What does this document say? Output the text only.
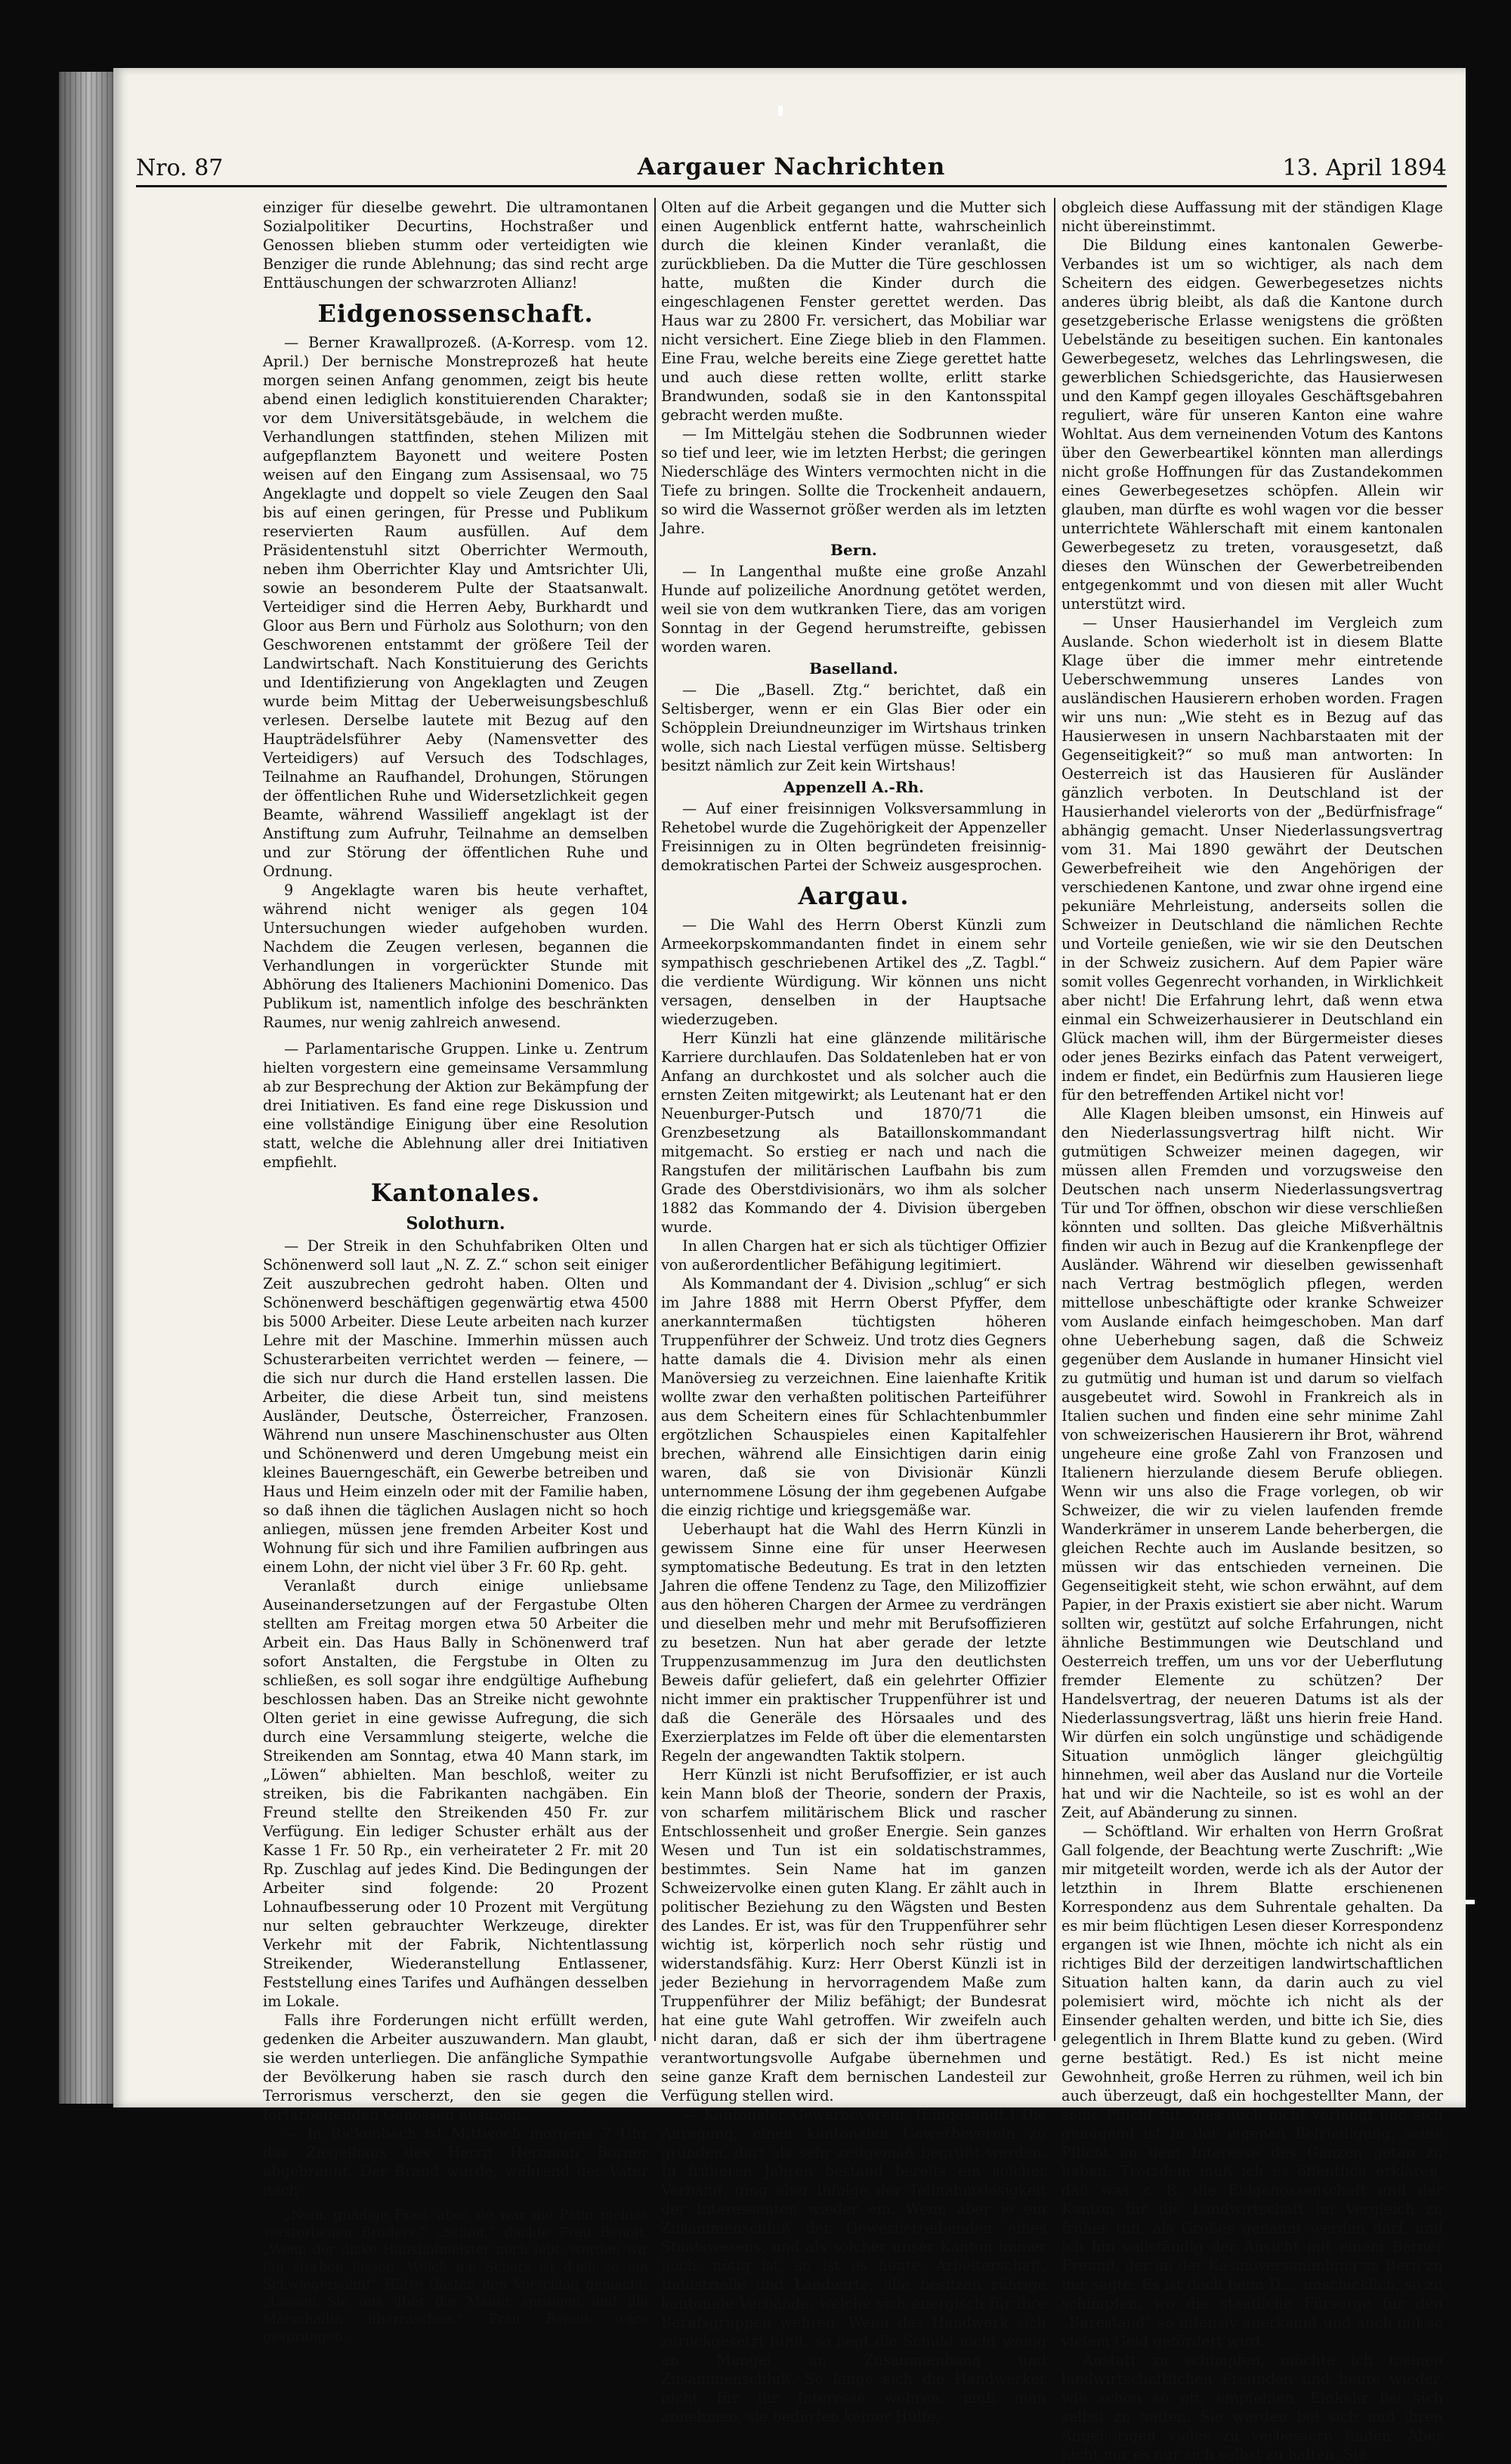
Nro. 87	Aargauer Nachrichten	13. April 1894

einziger für dieselbe gewehrt. Die ultramontanen Sozialpolitiker Decurtins, Hochstraßer und Genossen blieben stumm oder verteidigten wie Benziger die runde Ablehnung; das sind recht arge Enttäuschungen der schwarzroten Allianz!

Eidgenossenschaft.

— Berner Krawallprozeß. (A-Korresp. vom 12. April.) Der bernische Monstreprozeß hat heute morgen seinen Anfang genommen, zeigt bis heute abend einen lediglich konstituierenden Charakter; vor dem Universitätsgebäude, in welchem die Verhandlungen stattfinden, stehen Milizen mit aufgepflanztem Bayonett und weitere Posten weisen auf den Eingang zum Assisensaal, wo 75 Angeklagte und doppelt so viele Zeugen den Saal bis auf einen geringen, für Presse und Publikum reservierten Raum ausfüllen. Auf dem Präsidentenstuhl sitzt Oberrichter Wermouth, neben ihm Oberrichter Klay und Amtsrichter Uli, sowie an besonderem Pulte der Staatsanwalt. Verteidiger sind die Herren Aeby, Burkhardt und Gloor aus Bern und Fürholz aus Solothurn; von den Geschworenen entstammt der größere Teil der Landwirtschaft. Nach Konstituierung des Gerichts und Identifizierung von Angeklagten und Zeugen wurde beim Mittag der Ueberweisungsbeschluß verlesen. Derselbe lautete mit Bezug auf den Haupträdelsführer Aeby (Namensvetter des Verteidigers) auf Versuch des Todschlages, Teilnahme an Raufhandel, Drohungen, Störungen der öffentlichen Ruhe und Widersetzlichkeit gegen Beamte, während Wassilieff angeklagt ist der Anstiftung zum Aufruhr, Teilnahme an demselben und zur Störung der öffentlichen Ruhe und Ordnung.

9 Angeklagte waren bis heute verhaftet, während nicht weniger als gegen 104 Untersuchungen wieder aufgehoben wurden. Nachdem die Zeugen verlesen, begannen die Verhandlungen in vorgerückter Stunde mit Abhörung des Italieners Machionini Domenico. Das Publikum ist, namentlich infolge des beschränkten Raumes, nur wenig zahlreich anwesend.

— Parlamentarische Gruppen. Linke u. Zentrum hielten vorgestern eine gemeinsame Versammlung ab zur Besprechung der Aktion zur Bekämpfung der drei Initiativen. Es fand eine rege Diskussion und eine vollständige Einigung über eine Resolution statt, welche die Ablehnung aller drei Initiativen empfiehlt.

Kantonales.
Solothurn.

— Der Streik in den Schuhfabriken Olten und Schönenwerd soll laut „N. Z. Z.“ schon seit einiger Zeit auszubrechen gedroht haben. Olten und Schönenwerd beschäftigen gegenwärtig etwa 4500 bis 5000 Arbeiter. Diese Leute arbeiten nach kurzer Lehre mit der Maschine. Immerhin müssen auch Schusterarbeiten verrichtet werden — feinere, — die sich nur durch die Hand erstellen lassen. Die Arbeiter, die diese Arbeit tun, sind meistens Ausländer, Deutsche, Österreicher, Franzosen. Während nun unsere Maschinenschuster aus Olten und Schönenwerd und deren Umgebung meist ein kleines Bauerngeschäft, ein Gewerbe betreiben und Haus und Heim einzeln oder mit der Familie haben, so daß ihnen die täglichen Auslagen nicht so hoch anliegen, müssen jene fremden Arbeiter Kost und Wohnung für sich und ihre Familien aufbringen aus einem Lohn, der nicht viel über 3 Fr. 60 Rp. geht.

Veranlaßt durch einige unliebsame Auseinandersetzungen auf der Fergastube Olten stellten am Freitag morgen etwa 50 Arbeiter die Arbeit ein. Das Haus Bally in Schönenwerd traf sofort Anstalten, die Fergstube in Olten zu schließen, es soll sogar ihre endgültige Aufhebung beschlossen haben. Das an Streike nicht gewohnte Olten geriet in eine gewisse Aufregung, die sich durch eine Versammlung steigerte, welche die Streikenden am Sonntag, etwa 40 Mann stark, im „Löwen“ abhielten. Man beschloß, weiter zu streiken, bis die Fabrikanten nachgäben. Ein Freund stellte den Streikenden 450 Fr. zur Verfügung. Ein lediger Schuster erhält aus der Kasse 1 Fr. 50 Rp., ein verheirateter 2 Fr. mit 20 Rp. Zuschlag auf jedes Kind. Die Bedingungen der Arbeiter sind folgende: 20 Prozent Lohnaufbesserung oder 10 Prozent mit Vergütung nur selten gebrauchter Werkzeuge, direkter Verkehr mit der Fabrik, Nichtentlassung Streikender, Wiederanstellung Entlassener, Feststellung eines Tarifes und Aufhängen desselben im Lokale.

Falls ihre Forderungen nicht erfüllt werden, gedenken die Arbeiter auszuwandern. Man glaubt, sie werden unterliegen. Die anfängliche Sympathie der Bevölkerung haben sie rasch durch den Terrorismus verscherzt, den sie gegen die fortarbeitenden Genossen ausüben.

— In Rickenbach ist Mittwoch morgens 7 Uhr das Ziegelhaus des Herrn Hermann Borner abgebrannt. Der Brand wurde, während der Vater nach

„Nein, gnädige Frau, aber sie war die Patin meines verstorbenen Bruders.“ „Schön,“ dachte Frau Benoit. „Wenn der dicke Haushofmeister noch lebt, werden wir ihn sterben lassen. Welch ein Schatz ist doch so ein Schwiegersohn!“ Hätte Gaston den Vorschlag gemacht: „Lassen Sie uns über die Mauer springen und die Marschallin überraschen,“ Frau Benoit wäre gesprungen.

Olten auf die Arbeit gegangen und die Mutter sich einen Augenblick entfernt hatte, wahrscheinlich durch die kleinen Kinder veranlaßt, die zurückblieben. Da die Mutter die Türe geschlossen hatte, mußten die Kinder durch die eingeschlagenen Fenster gerettet werden. Das Haus war zu 2800 Fr. versichert, das Mobiliar war nicht versichert. Eine Ziege blieb in den Flammen. Eine Frau, welche bereits eine Ziege gerettet hatte und auch diese retten wollte, erlitt starke Brandwunden, sodaß sie in den Kantonsspital gebracht werden mußte.

— Im Mittelgäu stehen die Sodbrunnen wieder so tief und leer, wie im letzten Herbst; die geringen Niederschläge des Winters vermochten nicht in die Tiefe zu bringen. Sollte die Trockenheit andauern, so wird die Wassernot größer werden als im letzten Jahre.

Bern.

— In Langenthal mußte eine große Anzahl Hunde auf polizeiliche Anordnung getötet werden, weil sie von dem wutkranken Tiere, das am vorigen Sonntag in der Gegend herumstreifte, gebissen worden waren.

Baselland.

— Die „Basell. Ztg.“ berichtet, daß ein Seltisberger, wenn er ein Glas Bier oder ein Schöpplein Dreiundneunziger im Wirtshaus trinken wolle, sich nach Liestal verfügen müsse. Seltisberg besitzt nämlich zur Zeit kein Wirtshaus!

Appenzell A.-Rh.

— Auf einer freisinnigen Volksversammlung in Rehetobel wurde die Zugehörigkeit der Appenzeller Freisinnigen zu in Olten begründeten freisinnig-demokratischen Partei der Schweiz ausgesprochen.

Aargau.

— Die Wahl des Herrn Oberst Künzli zum Armeekorpskommandanten findet in einem sehr sympathisch geschriebenen Artikel des „Z. Tagbl.“ die verdiente Würdigung. Wir können uns nicht versagen, denselben in der Hauptsache wiederzugeben.

Herr Künzli hat eine glänzende militärische Karriere durchlaufen. Das Soldatenleben hat er von Anfang an durchkostet und als solcher auch die ernsten Zeiten mitgewirkt; als Leutenant hat er den Neuenburger-Putsch und 1870/71 die Grenzbesetzung als Bataillonskommandant mitgemacht. So erstieg er nach und nach die Rangstufen der militärischen Laufbahn bis zum Grade des Oberstdivisionärs, wo ihm als solcher 1882 das Kommando der 4. Division übergeben wurde.

In allen Chargen hat er sich als tüchtiger Offizier von außerordentlicher Befähigung legitimiert.

Als Kommandant der 4. Division „schlug“ er sich im Jahre 1888 mit Herrn Oberst Pfyffer, dem anerkanntermaßen tüchtigsten höheren Truppenführer der Schweiz. Und trotz dies Gegners hatte damals die 4. Division mehr als einen Manöversieg zu verzeichnen. Eine laienhafte Kritik wollte zwar den verhaßten politischen Parteiführer aus dem Scheitern eines für Schlachtenbummler ergötzlichen Schauspieles einen Kapitalfehler brechen, während alle Einsichtigen darin einig waren, daß sie von Divisionär Künzli unternommene Lösung der ihm gegebenen Aufgabe die einzig richtige und kriegsgemäße war.

Ueberhaupt hat die Wahl des Herrn Künzli in gewissem Sinne eine für unser Heerwesen symptomatische Bedeutung. Es trat in den letzten Jahren die offene Tendenz zu Tage, den Milizoffizier aus den höheren Chargen der Armee zu verdrängen und dieselben mehr und mehr mit Berufsoffizieren zu besetzen. Nun hat aber gerade der letzte Truppenzusammenzug im Jura den deutlichsten Beweis dafür geliefert, daß ein gelehrter Offizier nicht immer ein praktischer Truppenführer ist und daß die Generäle des Hörsaales und des Exerzierplatzes im Felde oft über die elementarsten Regeln der angewandten Taktik stolpern.

Herr Künzli ist nicht Berufsoffizier, er ist auch kein Mann bloß der Theorie, sondern der Praxis, von scharfem militärischem Blick und rascher Entschlossenheit und großer Energie. Sein ganzes Wesen und Tun ist ein soldatischstrammes, bestimmtes. Sein Name hat im ganzen Schweizervolke einen guten Klang. Er zählt auch in politischer Beziehung zu den Wägsten und Besten des Landes. Er ist, was für den Truppenführer sehr wichtig ist, körperlich noch sehr rüstig und widerstandsfähig. Kurz: Herr Oberst Künzli ist in jeder Beziehung in hervorragendem Maße zum Truppenführer der Miliz befähigt; der Bundesrat hat eine gute Wahl getroffen. Wir zweifeln auch nicht daran, daß er sich der ihm übertragene verantwortungsvolle Aufgabe übernehmen und seine ganze Kraft dem bernischen Landesteil zur Verfügung stellen wird.

— Kantonaler Gewerbeverein. (Eingesandt.) Die Anregung, einen kantonalen Gewerbeverein zu gründen, darf als sehr zeitgemäß begrüßt werden. In früheren Jahren bestand bereits ein solcher Verband, ging aber infolge der Teilnahmslosigkeit der Interessenten wieder ein. Wenn aber je ein Zusammenschluß der Gewerbetreibenden eines Staatswesens, und als solcher unser Kanton immer noch, nötig ist, so ist es heute. Arbeiterschaft, Industrielle und Landwirte, alle besitzen rührige kantonale Verbände, welche sich energisch für ihre Berufsgruppen wehren. Wenn das Handwerk sich zurückgesetzt fühlt, so liegt die Schuld nicht wenig an Mangel an Zusammenhang und Zusammenschluß. So lange sich die Handwerker nicht für ihr Interesse wehren, muß man annehmen, sie bedürfen keiner Hülfe,

obgleich diese Auffassung mit der ständigen Klage nicht übereinstimmt.

Die Bildung eines kantonalen Gewerbe-Verbandes ist um so wichtiger, als nach dem Scheitern des eidgen. Gewerbegesetzes nichts anderes übrig bleibt, als daß die Kantone durch gesetzgeberische Erlasse wenigstens die größten Uebelstände zu beseitigen suchen. Ein kantonales Gewerbegesetz, welches das Lehrlingswesen, die gewerblichen Schiedsgerichte, das Hausierwesen und den Kampf gegen illoyales Geschäftsgebahren reguliert, wäre für unseren Kanton eine wahre Wohltat. Aus dem verneinenden Votum des Kantons über den Gewerbeartikel könnten man allerdings nicht große Hoffnungen für das Zustandekommen eines Gewerbegesetzes schöpfen. Allein wir glauben, man dürfte es wohl wagen vor die besser unterrichtete Wählerschaft mit einem kantonalen Gewerbegesetz zu treten, vorausgesetzt, daß dieses den Wünschen der Gewerbetreibenden entgegenkommt und von diesen mit aller Wucht unterstützt wird.

— Unser Hausierhandel im Vergleich zum Auslande. Schon wiederholt ist in diesem Blatte Klage über die immer mehr eintretende Ueberschwemmung unseres Landes von ausländischen Hausierern erhoben worden. Fragen wir uns nun: „Wie steht es in Bezug auf das Hausierwesen in unsern Nachbarstaaten mit der Gegenseitigkeit?“ so muß man antworten: In Oesterreich ist das Hausieren für Ausländer gänzlich verboten. In Deutschland ist der Hausierhandel vielerorts von der „Bedürfnisfrage“ abhängig gemacht. Unser Niederlassungsvertrag vom 31. Mai 1890 gewährt der Deutschen Gewerbefreiheit wie den Angehörigen der verschiedenen Kantone, und zwar ohne irgend eine pekuniäre Mehrleistung, anderseits sollen die Schweizer in Deutschland die nämlichen Rechte und Vorteile genießen, wie wir sie den Deutschen in der Schweiz zusichern. Auf dem Papier wäre somit volles Gegenrecht vorhanden, in Wirklichkeit aber nicht! Die Erfahrung lehrt, daß wenn etwa einmal ein Schweizerhausierer in Deutschland ein Glück machen will, ihm der Bürgermeister dieses oder jenes Bezirks einfach das Patent verweigert, indem er findet, ein Bedürfnis zum Hausieren liege für den betreffenden Artikel nicht vor!

Alle Klagen bleiben umsonst, ein Hinweis auf den Niederlassungsvertrag hilft nicht. Wir gutmütigen Schweizer meinen dagegen, wir müssen allen Fremden und vorzugsweise den Deutschen nach unserm Niederlassungsvertrag Tür und Tor öffnen, obschon wir diese verschließen könnten und sollten. Das gleiche Mißverhältnis finden wir auch in Bezug auf die Krankenpflege der Ausländer. Während wir dieselben gewissenhaft nach Vertrag bestmöglich pflegen, werden mittellose unbeschäftigte oder kranke Schweizer vom Auslande einfach heimgeschoben. Man darf ohne Ueberhebung sagen, daß die Schweiz gegenüber dem Auslande in humaner Hinsicht viel zu gutmütig und human ist und darum so vielfach ausgebeutet wird. Sowohl in Frankreich als in Italien suchen und finden eine sehr minime Zahl von schweizerischen Hausierern ihr Brot, während ungeheure eine große Zahl von Franzosen und Italienern hierzulande diesem Berufe obliegen. Wenn wir uns also die Frage vorlegen, ob wir Schweizer, die wir zu vielen laufenden fremde Wanderkrämer in unserem Lande beherbergen, die gleichen Rechte auch im Auslande besitzen, so müssen wir das entschieden verneinen. Die Gegenseitigkeit steht, wie schon erwähnt, auf dem Papier, in der Praxis existiert sie aber nicht. Warum sollten wir, gestützt auf solche Erfahrungen, nicht ähnliche Bestimmungen wie Deutschland und Oesterreich treffen, um uns vor der Ueberflutung fremder Elemente zu schützen? Der Handelsvertrag, der neueren Datums ist als der Niederlassungsvertrag, läßt uns hierin freie Hand. Wir dürfen ein solch ungünstige und schädigende Situation unmöglich länger gleichgültig hinnehmen, weil aber das Ausland nur die Vorteile hat und wir die Nachteile, so ist es wohl an der Zeit, auf Abänderung zu sinnen.

— Schöftland. Wir erhalten von Herrn Großrat Gall folgende, der Beachtung werte Zuschrift: „Wie mir mitgeteilt worden, werde ich als der Autor der letzthin in Ihrem Blatte erschienenen Korrespondenz aus dem Suhrentale gehalten. Da es mir beim flüchtigen Lesen dieser Korrespondenz ergangen ist wie Ihnen, möchte ich nicht als ein richtiges Bild der derzeitigen landwirtschaftlichen Situation halten kann, da darin auch zu viel polemisiert wird, möchte ich nicht als der Einsender gehalten werden, und bitte ich Sie, dies gelegentlich in Ihrem Blatte kund zu geben. (Wird gerne bestätigt. Red.) Es ist nicht meine Gewohnheit, große Herren zu rühmen, weil ich bin auch überzeugt, daß ein hochgestellter Mann, der seine Pflicht tut, dies auch nicht verlangt und sich genügend ist in der eigenen Befriedigung, seine Pflicht an dem Interesse des Ganzen getan zu haben. Trotzdem muß ich es öffentlich erklären, daß was z. B. die Eidgenossenschaft und der Kanton für die Landwirtschaft im Vergleich zu früher tun, als Großes genannt werden darf, und ich bin vollständig der Ansicht mit einem Berner Freund, der an der Kasinoversammlung zu Bern zu mir sagte: Es ist doch beim D.... unschicklich, so zu schimpfen, wo die staatliche Fürsorge für den „Burestand“ so intensiv anerkannt und auch mit so vielem Geld gefördert wird.

Anstatt zu schimpfen, möchte ich meinen landwirtschaftlichen Freunden und heute wieder, wie schon so oft, empfehlen, Einkehr bei sich selbst zu halten. Sie werden bei sich und ihren Angehörigen vieles zu verbessern finden. Aber nicht nur es nur sich selbst zu halten. Sie
